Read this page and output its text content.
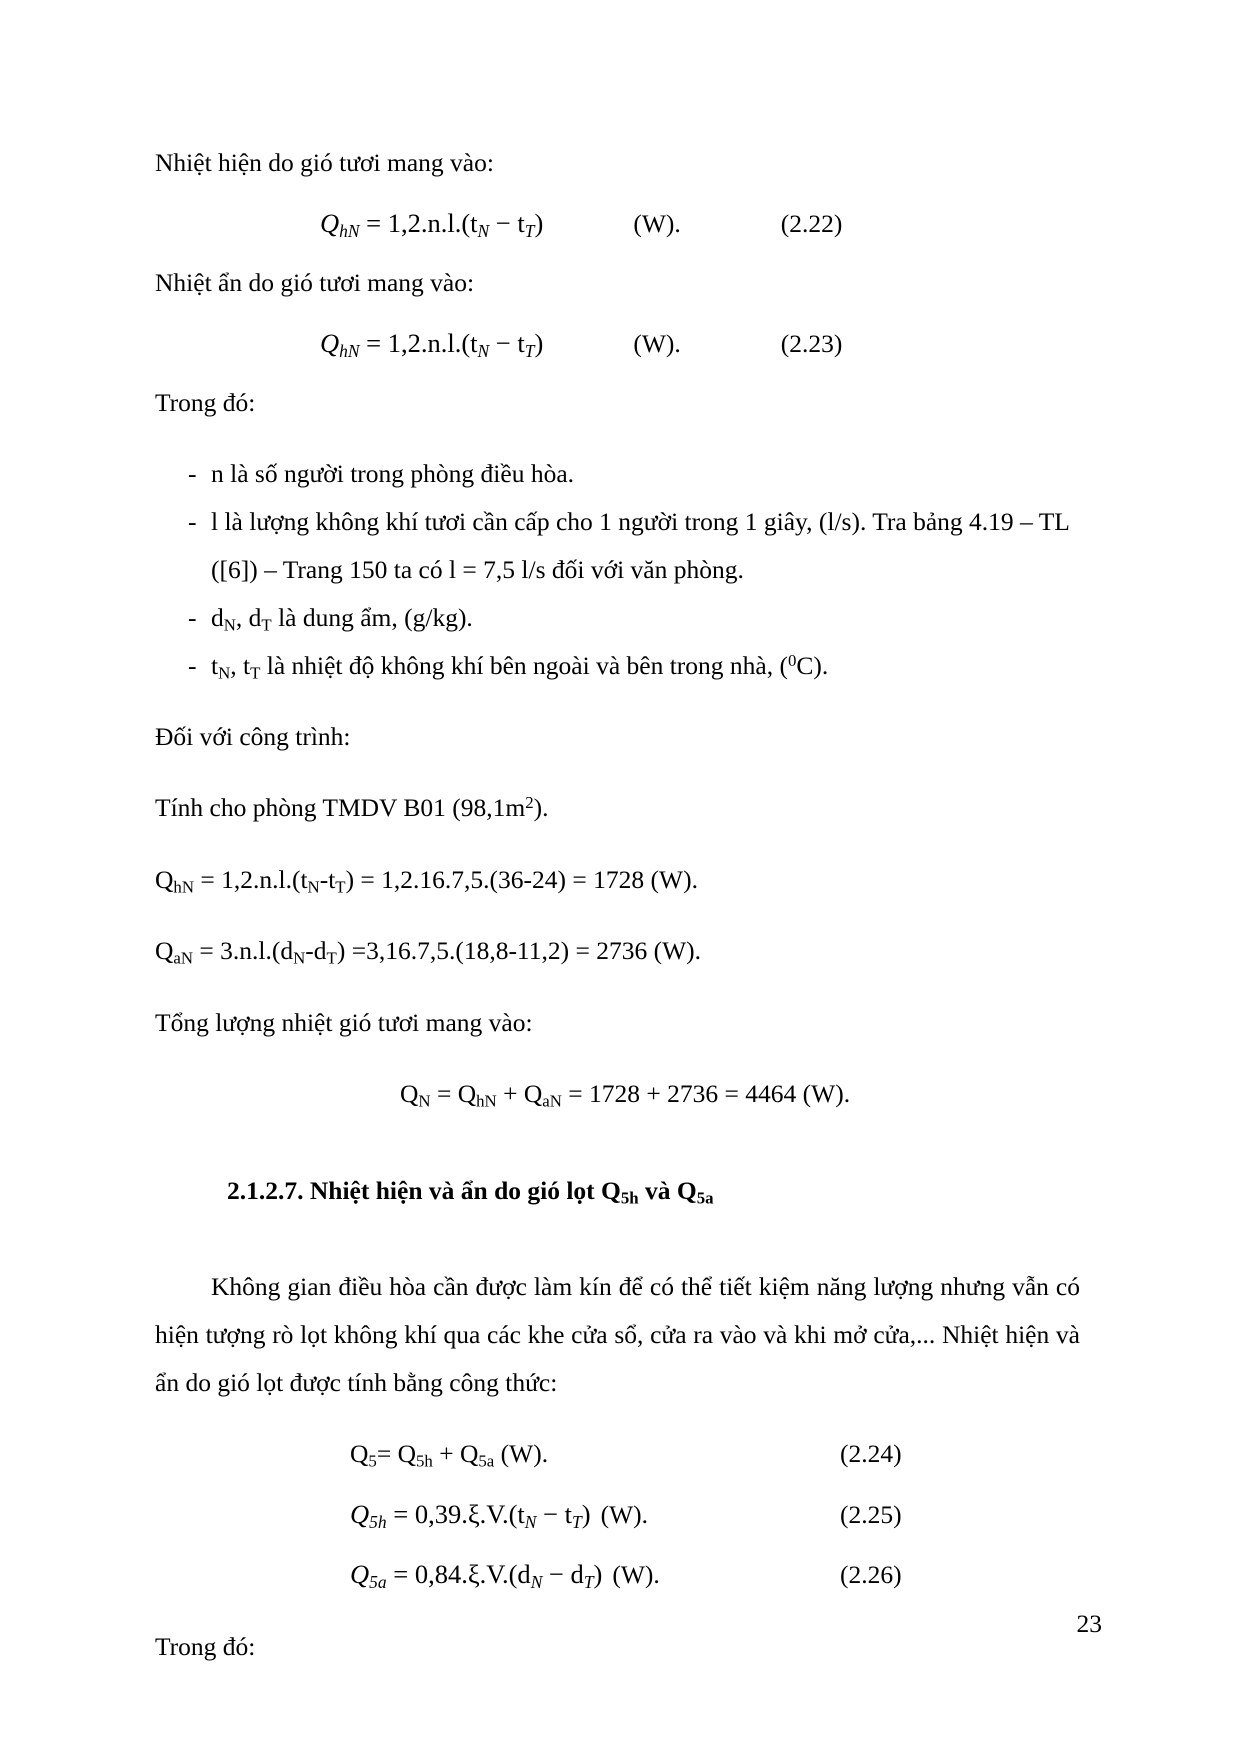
Nhiệt hiện do gió tươi mang vào:

$Q_{hN} = 1,2.n.l.(t_N - t_T)$	(W).	(2.22)

Nhiệt ẩn do gió tươi mang vào:

$Q_{hN} = 1,2.n.l.(t_N - t_T)$	(W).	(2.23)

Trong đó:

- n là số người trong phòng điều hòa.
- l là lượng không khí tươi cần cấp cho 1 người trong 1 giây, (l/s). Tra bảng 4.19 – TL ([6]) – Trang 150 ta có l = 7,5 l/s đối với văn phòng.
- $d_N$, $d_T$ là dung ẩm, (g/kg).
- $t_N$, $t_T$ là nhiệt độ không khí bên ngoài và bên trong nhà, ($^0$C).

Đối với công trình:

Tính cho phòng TMDV B01 $(98,1m^2)$.

$Q_{hN} = 1,2.n.l.(t_N-t_T) = 1,2.16.7,5.(36-24) = 1728$ (W).

$Q_{aN} = 3.n.l.(d_N-d_T) =3,16.7,5.(18,8-11,2) = 2736$ (W).

Tổng lượng nhiệt gió tươi mang vào:

$Q_N = Q_{hN} + Q_{aN} = 1728 + 2736 = 4464$ (W).

2.1.2.7. Nhiệt hiện và ẩn do gió lọt $Q_{5h}$ và $Q_{5a}$

Không gian điều hòa cần được làm kín để có thể tiết kiệm năng lượng nhưng vẫn có hiện tượng rò lọt không khí qua các khe cửa sổ, cửa ra vào và khi mở cửa,... Nhiệt hiện và ẩn do gió lọt được tính bằng công thức:

$Q_5= Q_{5h} + Q_{5a}$ (W).	(2.24)
$Q_{5h} = 0,39.\xi.V.(t_N - t_T)$ (W).	(2.25)
$Q_{5a} = 0,84.\xi.V.(d_N - d_T)$ (W).	(2.26)

Trong đó:

23
